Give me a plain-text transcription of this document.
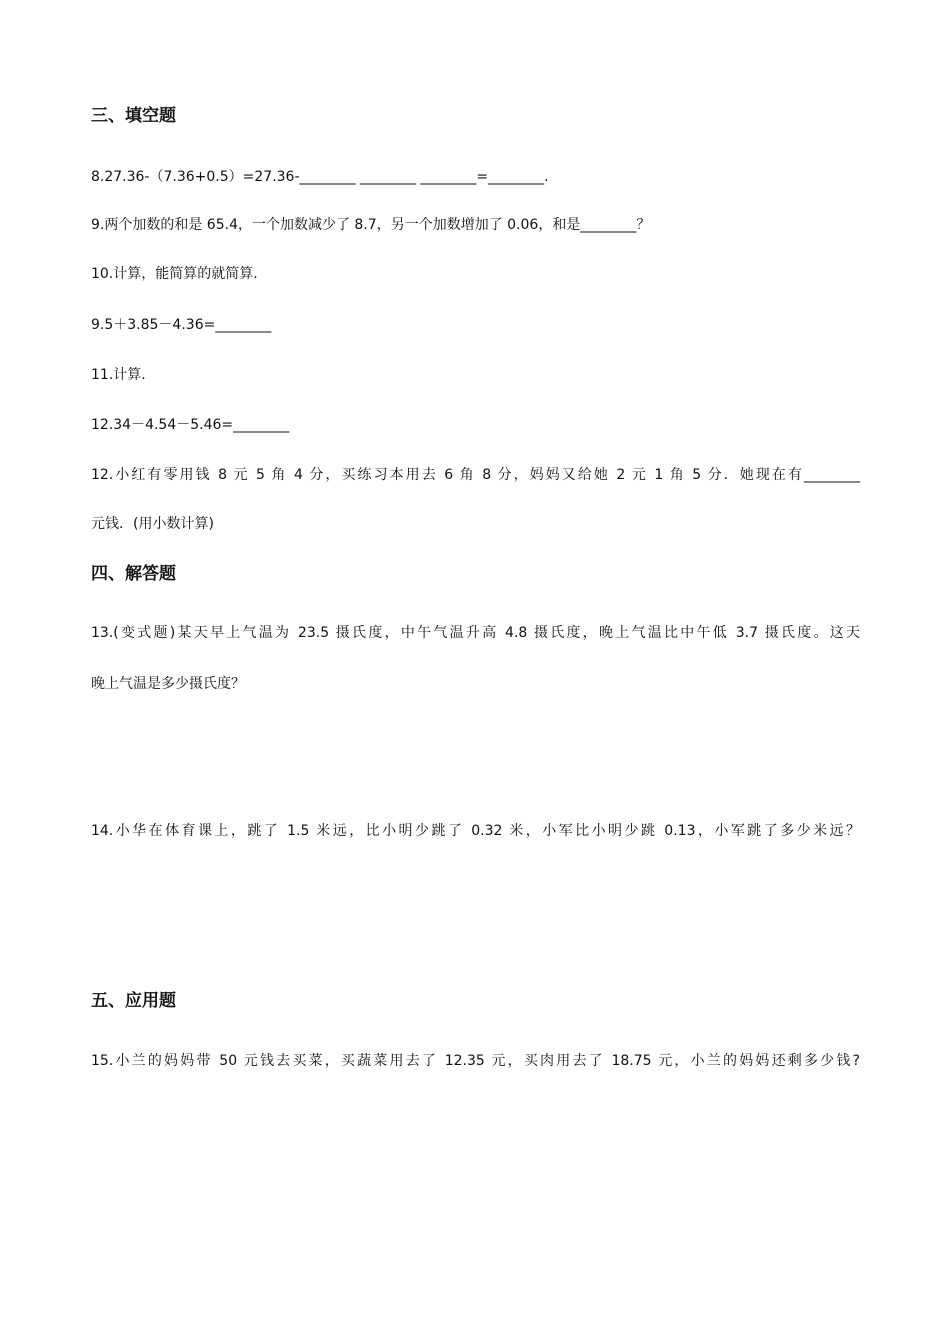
三、填空题
8.27.36-（7.36+0.5）=27.36-________ ________ ________=________.
9.两个加数的和是 65.4，一个加数减少了 8.7，另一个加数增加了 0.06，和是________？
10.计算，能简算的就简算.
9.5＋3.85－4.36=________
11.计算.
12.34－4.54－5.46=________
12.小红有零用钱 8 元 5 角 4 分，买练习本用去 6 角 8 分，妈妈又给她 2 元 1 角 5 分．她现在有________
元钱．(用小数计算)
四、解答题
13.(变式题)某天早上气温为 23.5 摄氏度，中午气温升高 4.8 摄氏度，晚上气温比中午低 3.7 摄氏度。这天
晚上气温是多少摄氏度？
14.小华在体育课上，跳了 1.5 米远，比小明少跳了 0.32 米，小军比小明少跳 0.13，小军跳了多少米远？
五、应用题
15.小兰的妈妈带 50 元钱去买菜，买蔬菜用去了 12.35 元，买肉用去了 18.75 元，小兰的妈妈还剩多少钱?
